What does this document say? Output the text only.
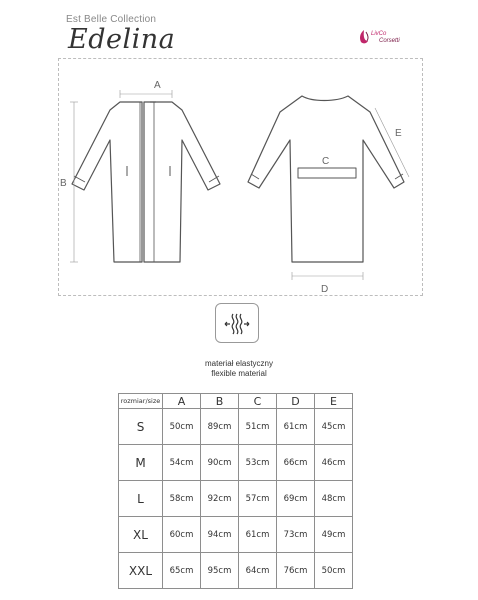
Est Belle Collection
Edelina	LivCo
Corsetti
A
B
C
D
E
materiał elastyczny
flexible material
rozmiar/size	A	B	C	D	E
S	50cm	89cm	51cm	61cm	45cm
M	54cm	90cm	53cm	66cm	46cm
L	58cm	92cm	57cm	69cm	48cm
XL	60cm	94cm	61cm	73cm	49cm
XXL	65cm	95cm	64cm	76cm	50cm
